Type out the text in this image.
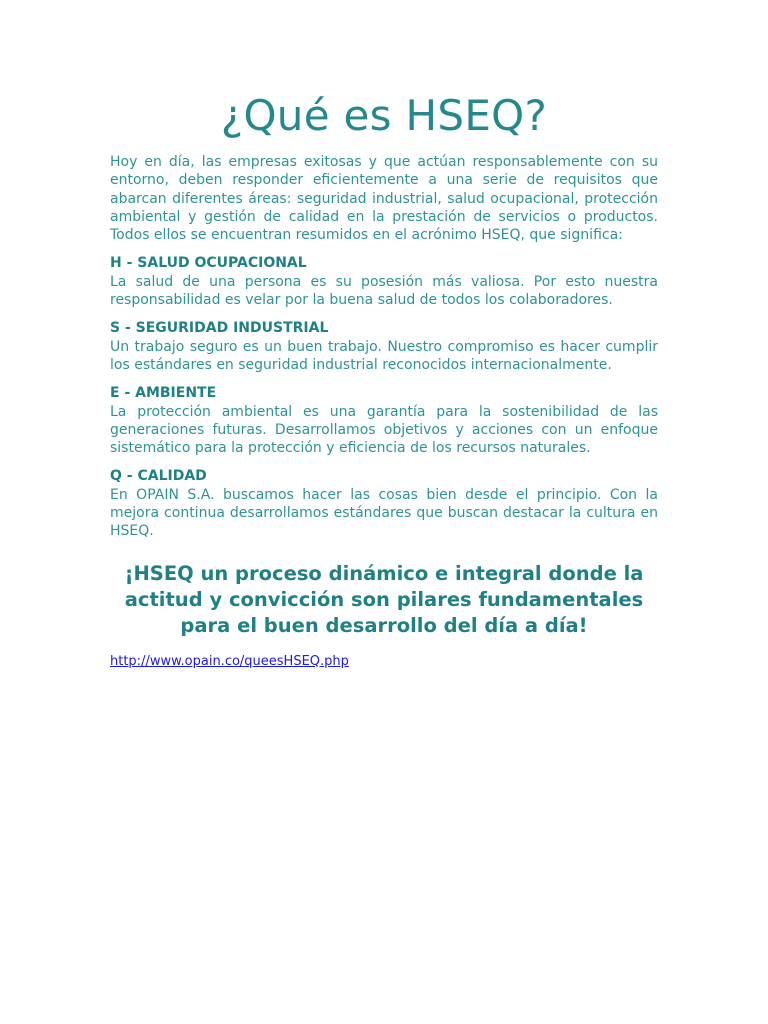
¿Qué es HSEQ?

Hoy en día, las empresas exitosas y que actúan responsablemente con su entorno, deben responder eficientemente a una serie de requisitos que abarcan diferentes áreas: seguridad industrial, salud ocupacional, protección ambiental y gestión de calidad en la prestación de servicios o productos. Todos ellos se encuentran resumidos en el acrónimo HSEQ, que significa:

H - SALUD OCUPACIONAL

La salud de una persona es su posesión más valiosa. Por esto nuestra responsabilidad es velar por la buena salud de todos los colaboradores.

S - SEGURIDAD INDUSTRIAL

Un trabajo seguro es un buen trabajo. Nuestro compromiso es hacer cumplir los estándares en seguridad industrial reconocidos internacionalmente.

E - AMBIENTE

La protección ambiental es una garantía para la sostenibilidad de las generaciones futuras. Desarrollamos objetivos y acciones con un enfoque sistemático para la protección y eficiencia de los recursos naturales.

Q - CALIDAD

En OPAIN S.A. buscamos hacer las cosas bien desde el principio. Con la mejora continua desarrollamos estándares que buscan destacar la cultura en HSEQ.

¡HSEQ un proceso dinámico e integral donde la actitud y convicción son pilares fundamentales para el buen desarrollo del día a día!

http://www.opain.co/queesHSEQ.php
